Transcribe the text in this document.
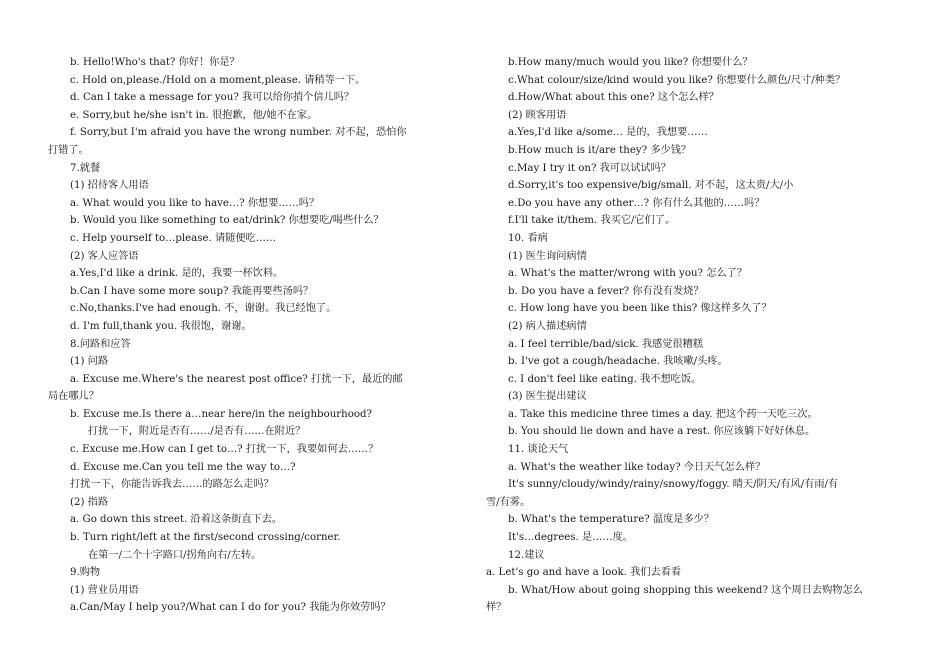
b. Hello!Who's that? 你好！你是？
c. Hold on,please./Hold on a moment,please. 请稍等一下。
d. Can I take a message for you? 我可以给你捎个信儿吗？
e. Sorry,but he/she isn't in. 很抱歉，他/她不在家。
f. Sorry,but I'm afraid you have the wrong number. 对不起，恐怕你
打错了。
7.就餐
(1) 招待客人用语
a. What would you like to have…? 你想要……吗？
b. Would you like something to eat/drink? 你想要吃/喝些什么？
c. Help yourself to…please. 请随便吃……
(2) 客人应答语
a.Yes,I'd like a drink. 是的，我要一杯饮料。
b.Can I have some more soup? 我能再要些汤吗？
c.No,thanks.I've had enough. 不，谢谢。我已经饱了。
d. I'm full,thank you. 我很饱，谢谢。
8.问路和应答
(1) 问路
a. Excuse me.Where's the nearest post office? 打扰一下，最近的邮
局在哪儿？
b. Excuse me.Is there a…near here/in the neighbourhood?
打扰一下，附近是否有……/是否有……在附近？
c. Excuse me.How can I get to…? 打扰一下，我要如何去……？
d. Excuse me.Can you tell me the way to…?
打扰一下，你能告诉我去……的路怎么走吗？
(2) 指路
a. Go down this street. 沿着这条街直下去。
b. Turn right/left at the first/second crossing/corner.
在第一/二个十字路口/拐角向右/左转。
9.购物
(1) 营业员用语
a.Can/May I help you?/What can I do for you? 我能为你效劳吗？
b.How many/much would you like? 你想要什么？
c.What colour/size/kind would you like? 你想要什么颜色/尺寸/种类？
d.How/What about this one? 这个怎么样？
(2) 顾客用语
a.Yes,I'd like a/some… 是的，我想要……
b.How much is it/are they? 多少钱？
c.May I try it on? 我可以试试吗？
d.Sorry,it's too expensive/big/small. 对不起，这太贵/大/小
e.Do you have any other…? 你有什么其他的……吗？
f.I'll take it/them. 我买它/它们了。
10. 看病
(1) 医生询问病情
a. What's the matter/wrong with you? 怎么了？
b. Do you have a fever? 你有没有发烧？
c. How long have you been like this? 像这样多久了？
(2) 病人描述病情
a. I feel terrible/bad/sick. 我感觉很糟糕
b. I've got a cough/headache. 我咳嗽/头疼。
c. I don't feel like eating. 我不想吃饭。
(3) 医生提出建议
a. Take this medicine three times a day. 把这个药一天吃三次。
b. You should lie down and have a rest. 你应该躺下好好休息。
11. 谈论天气
a. What's the weather like today? 今日天气怎么样？
It's sunny/cloudy/windy/rainy/snowy/foggy. 晴天/阴天/有风/有雨/有
雪/有雾。
b. What's the temperature? 温度是多少？
It's…degrees. 是……度。
12.建议
a. Let's go and have a look. 我们去看看
b. What/How about going shopping this weekend? 这个周日去购物怎么
样？
